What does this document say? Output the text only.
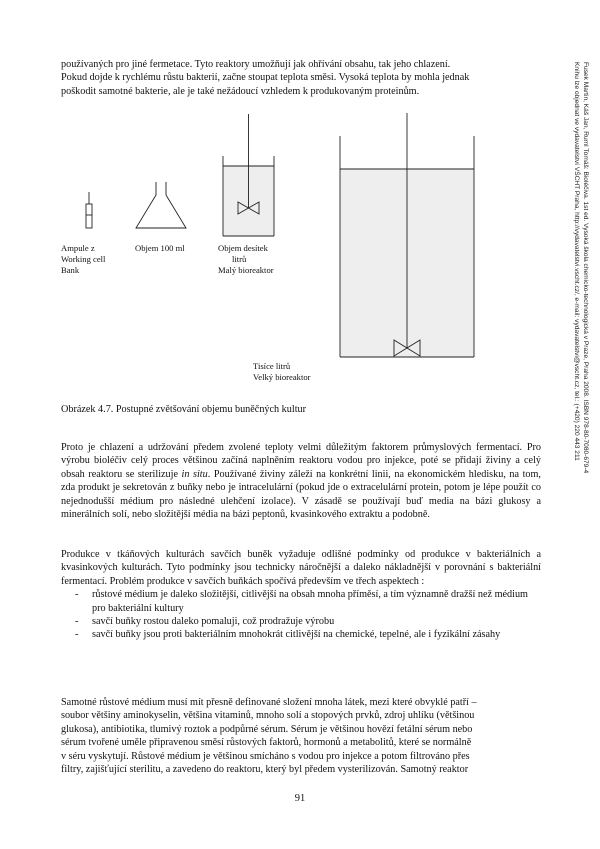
používaných pro jiné fermetace. Tyto reaktory umožňují jak ohřívání obsahu, tak jeho chlazení.
Pokud dojde k rychlému růstu bakterií, začne stoupat teplota směsi. Vysoká teplota by mohla jednak
poškodit samotné bakterie, ale je také nežádoucí vzhledem k produkovaným proteinům.	Fusek Martin, Káš Jan, Ruml Tomáš: Bioléčiva. 1st ed. Vysoká škola chemicko-technologická v Praze, Praha 2008. ISBN 978-80-7080-679-4
Knihu lze objednat ve vydavatelství VŠCHT Praha, http://vydavatelstvi.vscht.cz/, e-mail: vydavatelstvi@vscht.cz, tel.: (+420) 220 443 211
Ampule z
Working cell
Bank
Objem 100 ml	Objem desítek
litrů
Malý bioreaktor
Tisíce litrů
Velký bioreaktor
Obrázek 4.7. Postupné zvětšování objemu buněčných kultur
Proto je chlazení a udržování předem zvolené teploty velmi důležitým faktorem průmyslových fermentací. Pro výrobu bioléčiv celý proces většinou začíná naplněním reaktoru vodou pro injekce, poté se přidají živiny a celý obsah reaktoru se sterilizuje in situ. Používané živiny záleží na konkrétní linii, na ekonomickém hledisku, na tom, zda produkt je sekretován z buňky nebo je intracelulární (pokud jde o extracelulární protein, potom je lépe použít co nejednodušší médium pro následné ulehčení izolace). V zásadě se používají buď media na bázi glukosy a minerálních solí, nebo složitější média na bázi peptonů, kvasinkového extraktu a podobně.
Produkce v tkáňových kulturách savčích buněk vyžaduje odlišné podmínky od produkce v bakteriálních a kvasinkových kulturách. Tyto podmínky jsou technicky náročnější a daleko nákladnější v porovnání s bakteriální fermentací. Problém produkce v savčích buňkách spočívá především ve třech aspektech :
- růstové médium je daleko složitější, citlivější na obsah mnoha příměsí, a tím významně dražší než médium pro bakteriální kultury
- savčí buňky rostou daleko pomaluji, což prodražuje výrobu
- savčí buňky jsou proti bakteriálním mnohokrát citlivější na chemické, tepelné, ale i fyzikální zásahy
Samotné růstové médium musí mít přesně definované složení mnoha látek, mezi které obvyklé patří –
soubor většiny aminokyselin, většina vitaminů, mnoho solí a stopových prvků, zdroj uhlíku (většinou
glukosa), antibiotika, tlumivý roztok a podpůrné sérum. Sérum je většinou hovězí fetální sérum nebo
sérum tvořené uměle připravenou směsí růstových faktorů, hormonů a metabolitů, které se normálně
v séru vyskytují. Růstové médium je většinou smícháno s vodou pro injekce a potom filtrováno přes
filtry, zajišťující sterilitu, a zavedeno do reaktoru, který byl předem vysterilizován. Samotný reaktor
91
